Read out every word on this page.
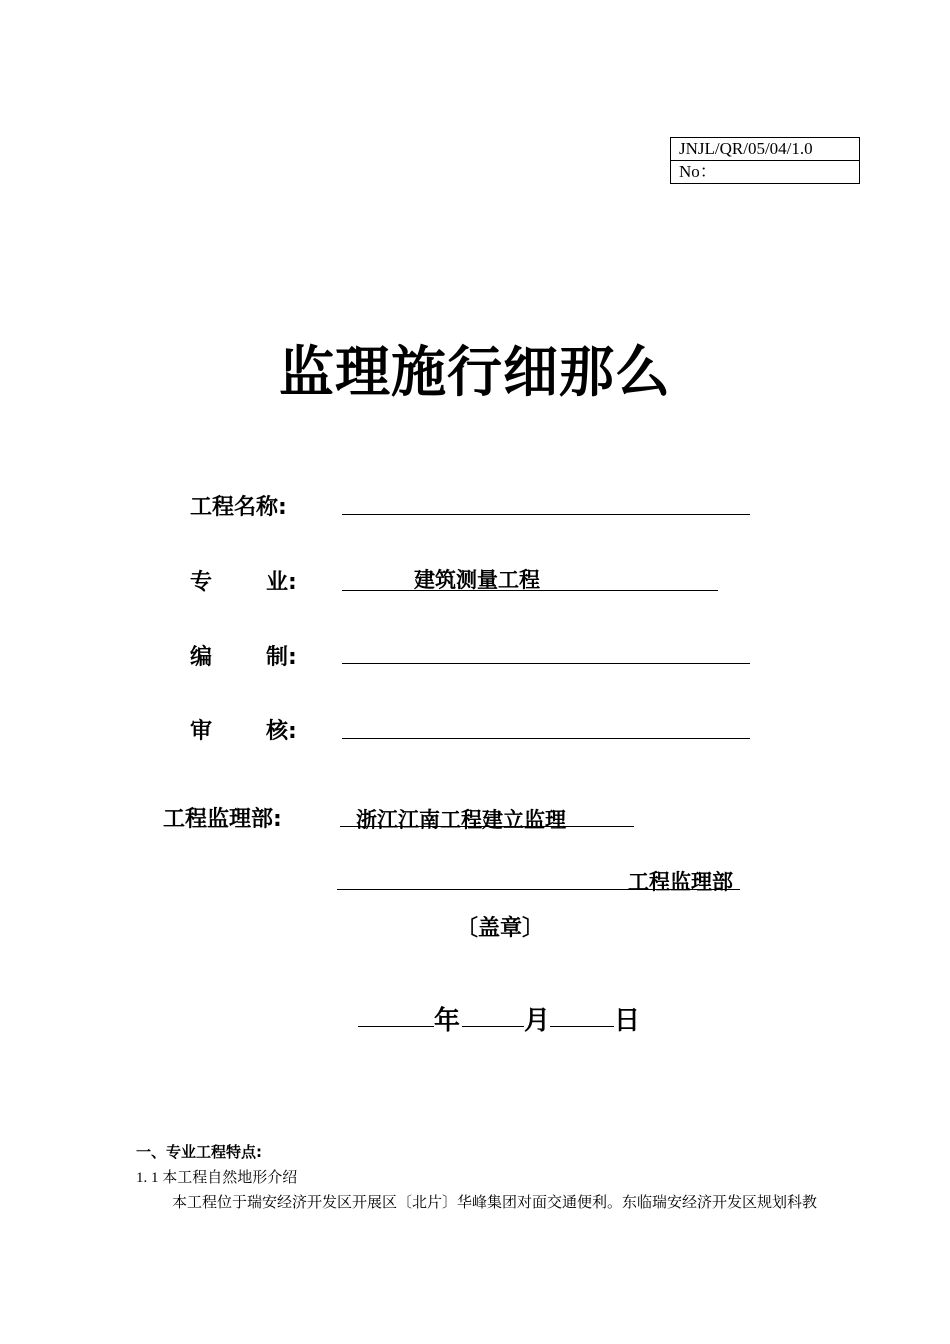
JNJL/QR/05/04/1.0
No：
监理施行细那么
工程名称:
专 业:	建筑测量工程
编 制:
审 核:
工程监理部:	浙江江南工程建立监理
工程监理部
〔盖章〕
年 月 日
一、专业工程特点:
1. 1 本工程自然地形介绍
本工程位于瑞安经济开发区开展区〔北片〕华峰集团对面交通便利。东临瑞安经济开发区规划科教
